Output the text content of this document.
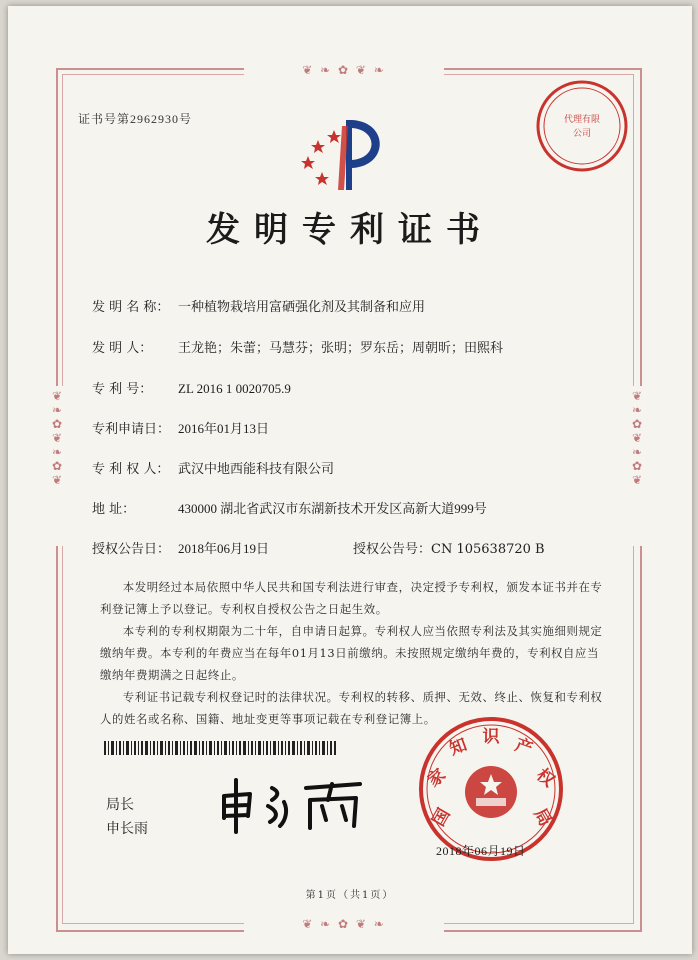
❦ ❧ ✿ ❦ ❧
❦ ❧ ✿ ❦ ❧
❦
❧
✿
❦
❧
✿
❦
❦
❧
✿
❦
❧
✿
❦
证书号第2962930号	代理有限
公司
发明专利证书
发 明 名 称： 一种植物栽培用富硒强化剂及其制备和应用
发 明 人： 王龙艳；朱蕾；马慧芬；张明；罗东岳；周朝昕；田熙科
专 利 号： ZL 2016 1 0020705.9
专利申请日： 2016年01月13日
专 利 权 人： 武汉中地西能科技有限公司
地 址：	430000 湖北省武汉市东湖新技术开发区高新大道999号
授权公告日： 2018年06月19日	授权公告号：CN 105638720 B
本发明经过本局依照中华人民共和国专利法进行审查，决定授予专利权，颁发本证书并在专利登记簿上予以登记。专利权自授权公告之日起生效。
本专利的专利权期限为二十年，自申请日起算。专利权人应当依照专利法及其实施细则规定缴纳年费。本专利的年费应当在每年01月13日前缴纳。未按照规定缴纳年费的，专利权自应当缴纳年费期满之日起终止。
专利证书记载专利权登记时的法律状况。专利权的转移、质押、无效、终止、恢复和专利权人的姓名或名称、国籍、地址变更等事项记载在专利登记簿上。
局长
申长雨	国
家
知 识 产
权
局
2018年06月19日
第1页（共1页）
